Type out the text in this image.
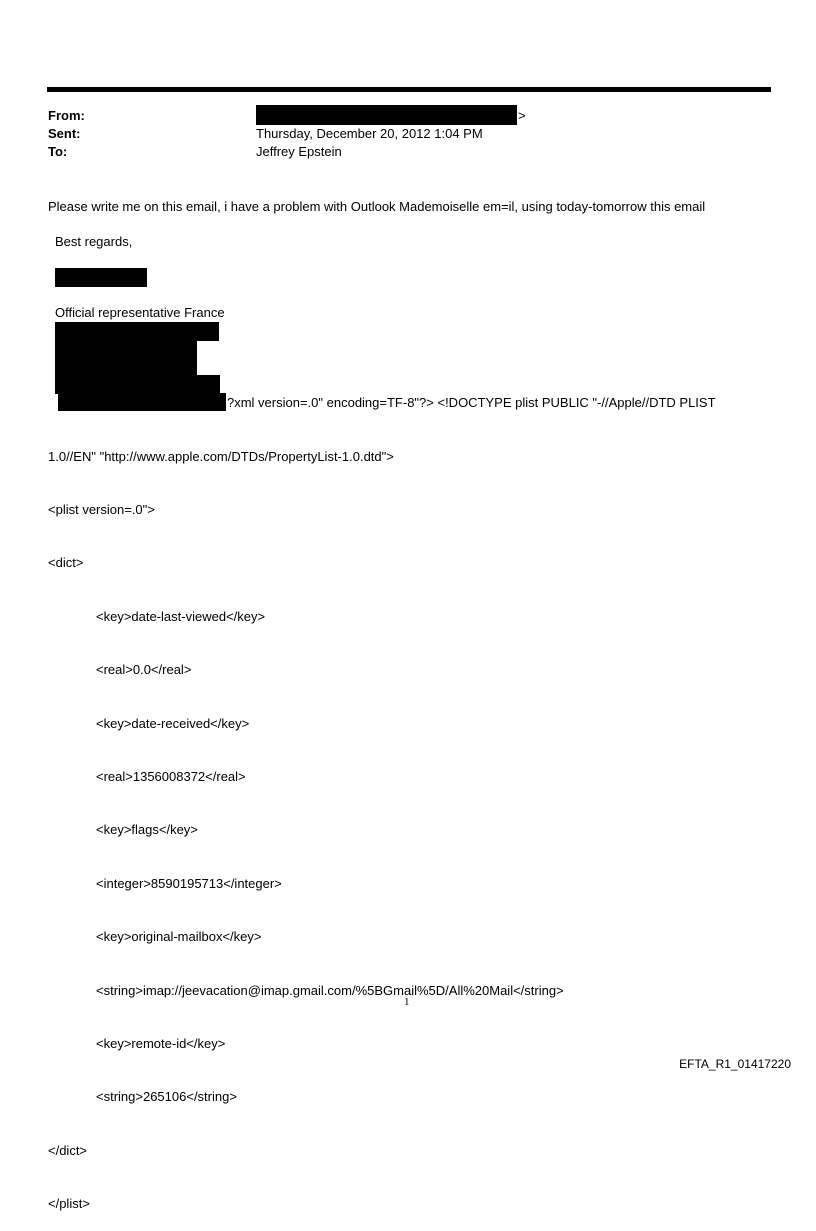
From:	>
Sent:	Thursday, December 20, 2012 1:04 PM
To:	Jeffrey Epstein
Please write me on this email, i have a problem with Outlook Mademoiselle em=il, using today-tomorrow this email
Best regards,
Official representative France
?xml version=.0" encoding=TF-8"?> <!DOCTYPE plist PUBLIC "-//Apple//DTD PLIST

1.0//EN" "http://www.apple.com/DTDs/PropertyList-1.0.dtd">

<plist version=.0">

<dict>

<key>date-last-viewed</key>

<real>0.0</real>

<key>date-received</key>

<real>1356008372</real>

<key>flags</key>

<integer>8590195713</integer>

<key>original-mailbox</key>

<string>imap://jeevacation@imap.gmail.com/%5BGmail%5D/All%20Mail</string>

<key>remote-id</key>

<string>265106</string>

</dict>

</plist>

1
EFTA_R1_01417220
